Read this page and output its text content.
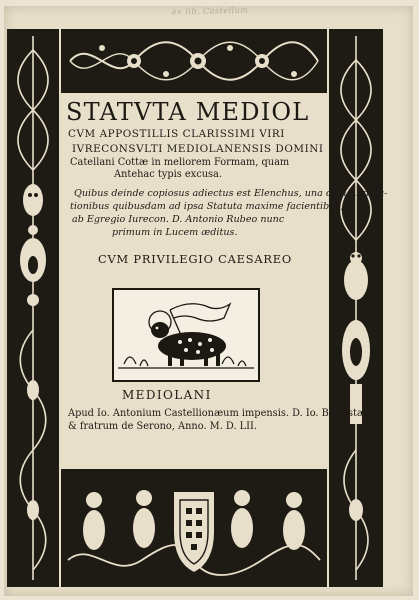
ex lib. Castellum
STATVTA MEDIOL
CVM APPOSTILLIS CLARISSIMI VIRI
IVRECONSVLTI MEDIOLANENSIS DOMINI
Catellani Cottæ in meliorem Formam, quam
Antehac typis excusa.
Quibus deinde copiosus adiectus est Elenchus, una cum Annota-
tionibus quibusdam ad ipsa Statuta maxime facientibus,
ab Egregio Iurecon. D. Antonio Rubeo nunc
primum in Lucem æditus.
CVM PRIVILEGIO CAESAREO
MEDIOLANI
Apud Io. Antonium Castellionæum impensis. D. Io. Baptistæ
& fratrum de Serono, Anno. M. D. LII.
